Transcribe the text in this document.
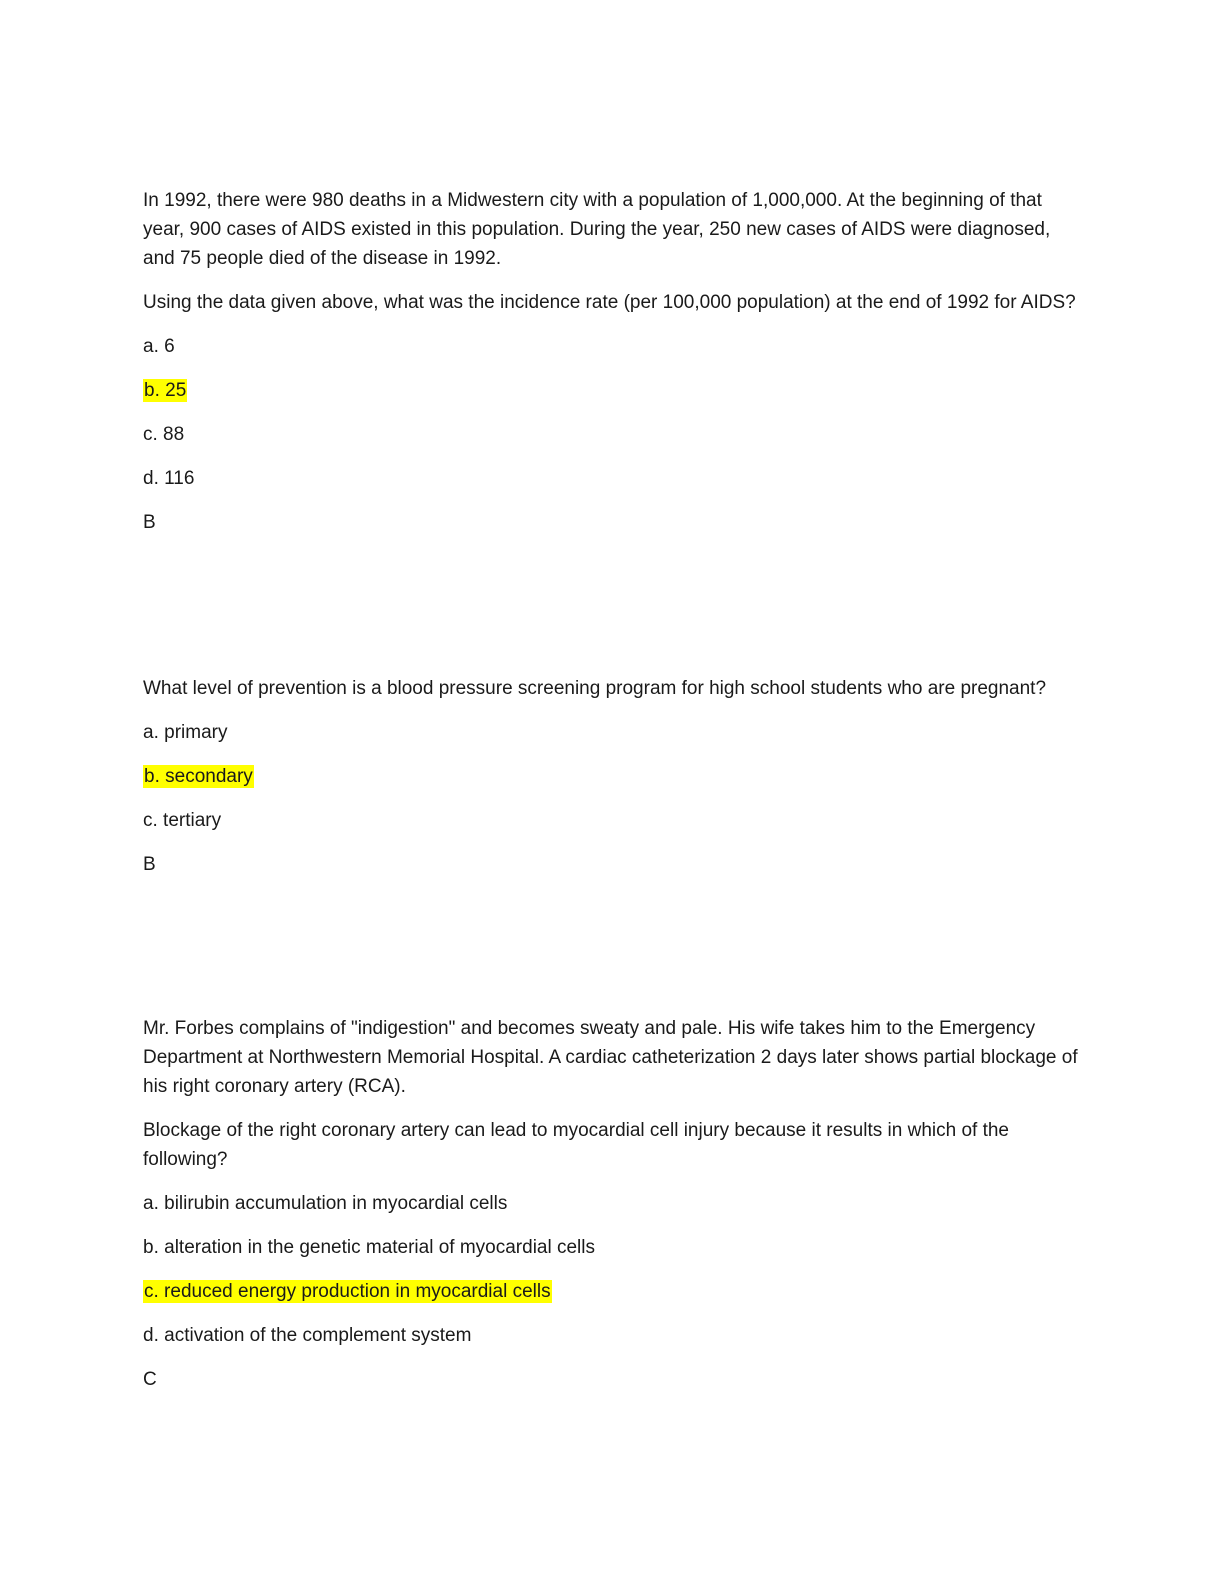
In 1992, there were 980 deaths in a Midwestern city with a population of 1,000,000. At the beginning of that year, 900 cases of AIDS existed in this population. During the year, 250 new cases of AIDS were diagnosed, and 75 people died of the disease in 1992.

Using the data given above, what was the incidence rate (per 100,000 population) at the end of 1992 for AIDS?

a. 6

b. 25

c. 88

d. 116

B

What level of prevention is a blood pressure screening program for high school students who are pregnant?

a. primary

b. secondary

c. tertiary

B

Mr. Forbes complains of "indigestion" and becomes sweaty and pale. His wife takes him to the Emergency Department at Northwestern Memorial Hospital. A cardiac catheterization 2 days later shows partial blockage of his right coronary artery (RCA).

Blockage of the right coronary artery can lead to myocardial cell injury because it results in which of the following?

a. bilirubin accumulation in myocardial cells

b. alteration in the genetic material of myocardial cells

c. reduced energy production in myocardial cells

d. activation of the complement system

C
